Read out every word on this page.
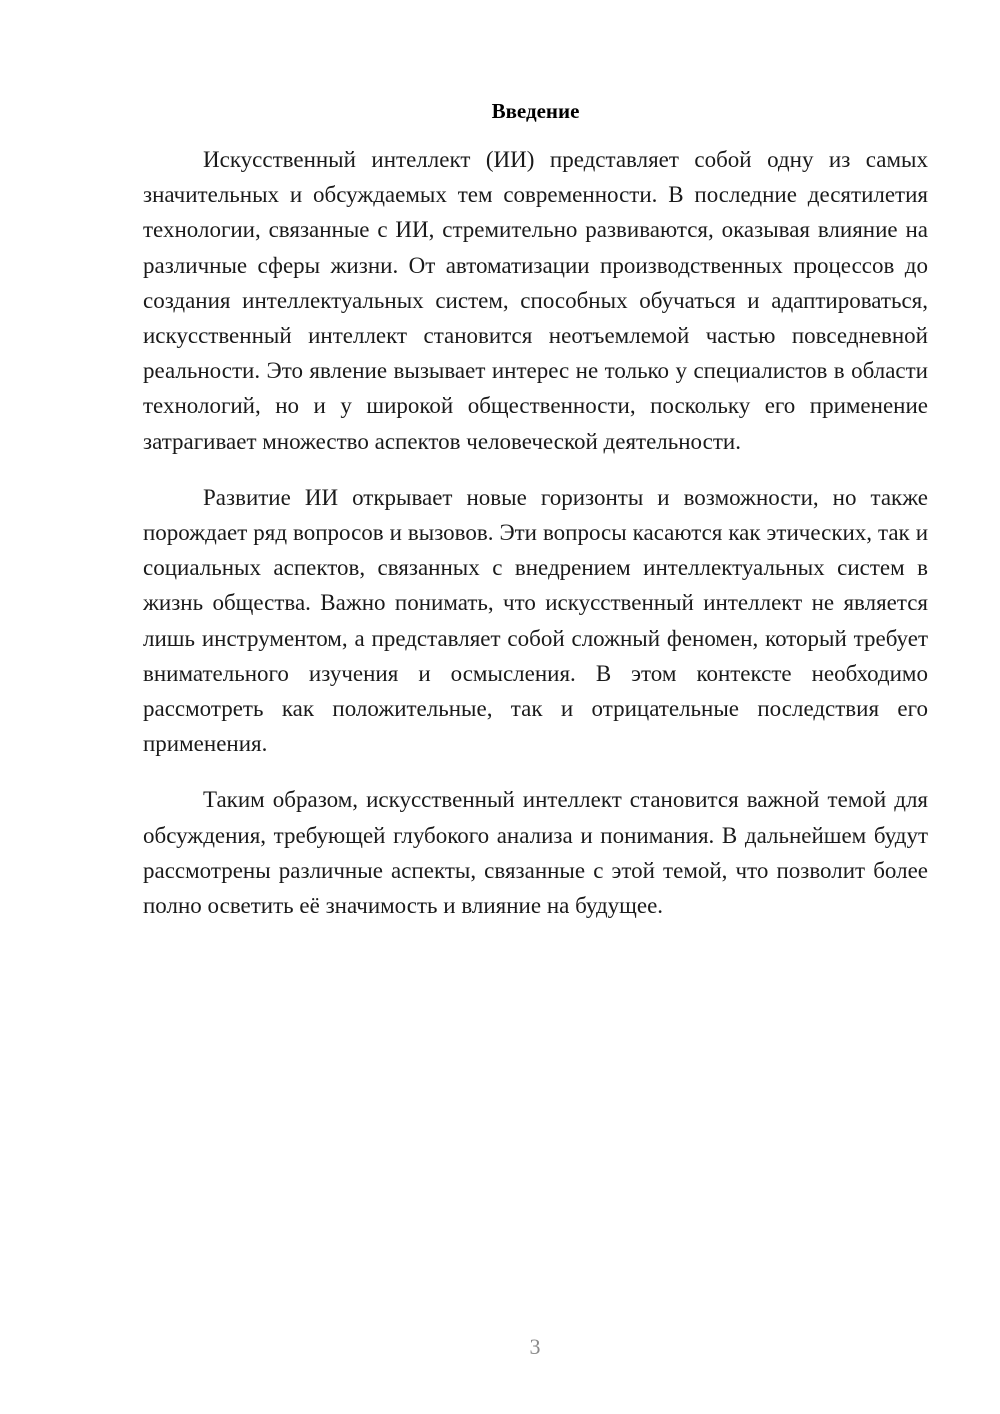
Введение

Искусственный интеллект (ИИ) представляет собой одну из самых значительных и обсуждаемых тем современности. В последние десятилетия технологии, связанные с ИИ, стремительно развиваются, оказывая влияние на различные сферы жизни. От автоматизации производственных процессов до создания интеллектуальных систем, способных обучаться и адаптироваться, искусственный интеллект становится неотъемлемой частью повседневной реальности. Это явление вызывает интерес не только у специалистов в области технологий, но и у широкой общественности, поскольку его применение затрагивает множество аспектов человеческой деятельности.

Развитие ИИ открывает новые горизонты и возможности, но также порождает ряд вопросов и вызовов. Эти вопросы касаются как этических, так и социальных аспектов, связанных с внедрением интеллектуальных систем в жизнь общества. Важно понимать, что искусственный интеллект не является лишь инструментом, а представляет собой сложный феномен, который требует внимательного изучения и осмысления. В этом контексте необходимо рассмотреть как положительные, так и отрицательные последствия его применения.

Таким образом, искусственный интеллект становится важной темой для обсуждения, требующей глубокого анализа и понимания. В дальнейшем будут рассмотрены различные аспекты, связанные с этой темой, что позволит более полно осветить её значимость и влияние на будущее.

3
